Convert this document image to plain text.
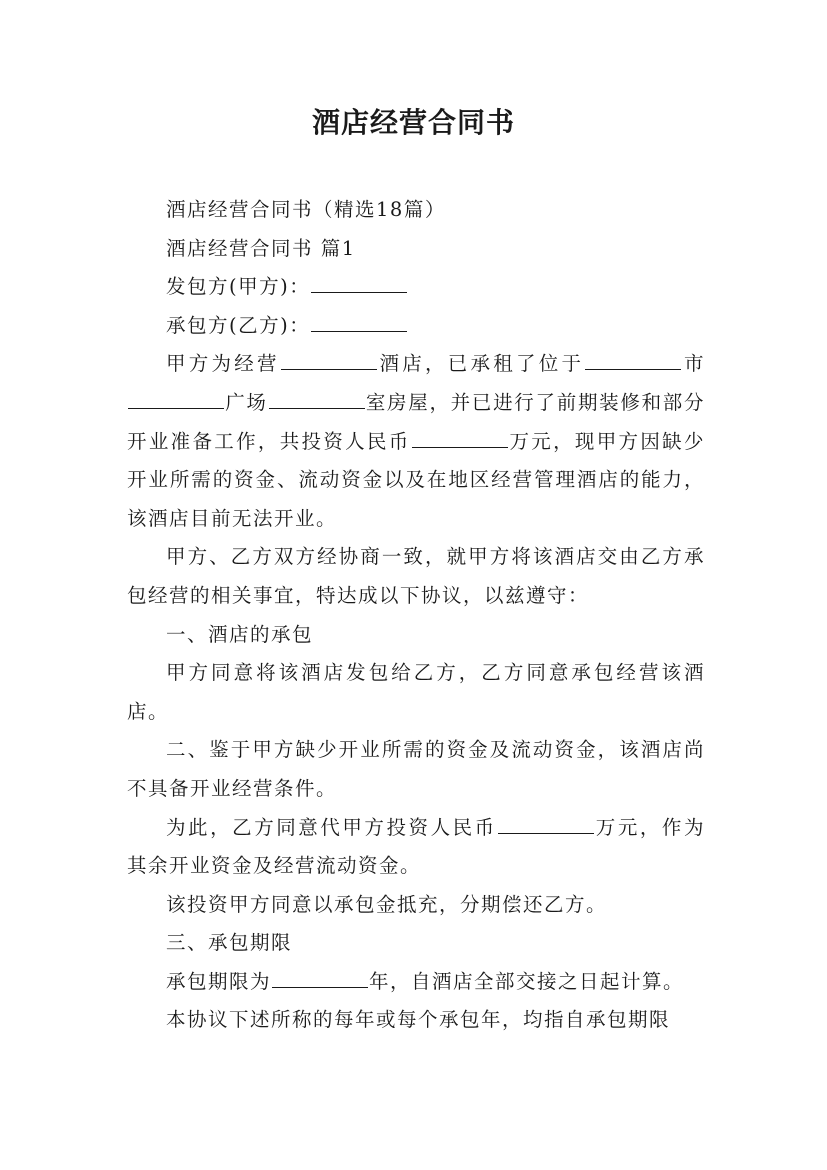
酒店经营合同书

酒店经营合同书（精选18篇）

酒店经营合同书 篇1

发包方(甲方)：

承包方(乙方)：

甲方为经营	酒店，已承租了位于	市广场	室房屋，并已进行了前期装修和部分开业准备工作，共投资人民币	万元，现甲方因缺少开业所需的资金、流动资金以及在地区经营管理酒店的能力，该酒店目前无法开业。

甲方、乙方双方经协商一致，就甲方将该酒店交由乙方承包经营的相关事宜，特达成以下协议，以兹遵守：

一、酒店的承包

甲方同意将该酒店发包给乙方，乙方同意承包经营该酒店。

二、鉴于甲方缺少开业所需的资金及流动资金，该酒店尚不具备开业经营条件。

为此，乙方同意代甲方投资人民币	万元，作为其余开业资金及经营流动资金。

该投资甲方同意以承包金抵充，分期偿还乙方。

三、承包期限

承包期限为	年，自酒店全部交接之日起计算。

本协议下述所称的每年或每个承包年，均指自承包期限
